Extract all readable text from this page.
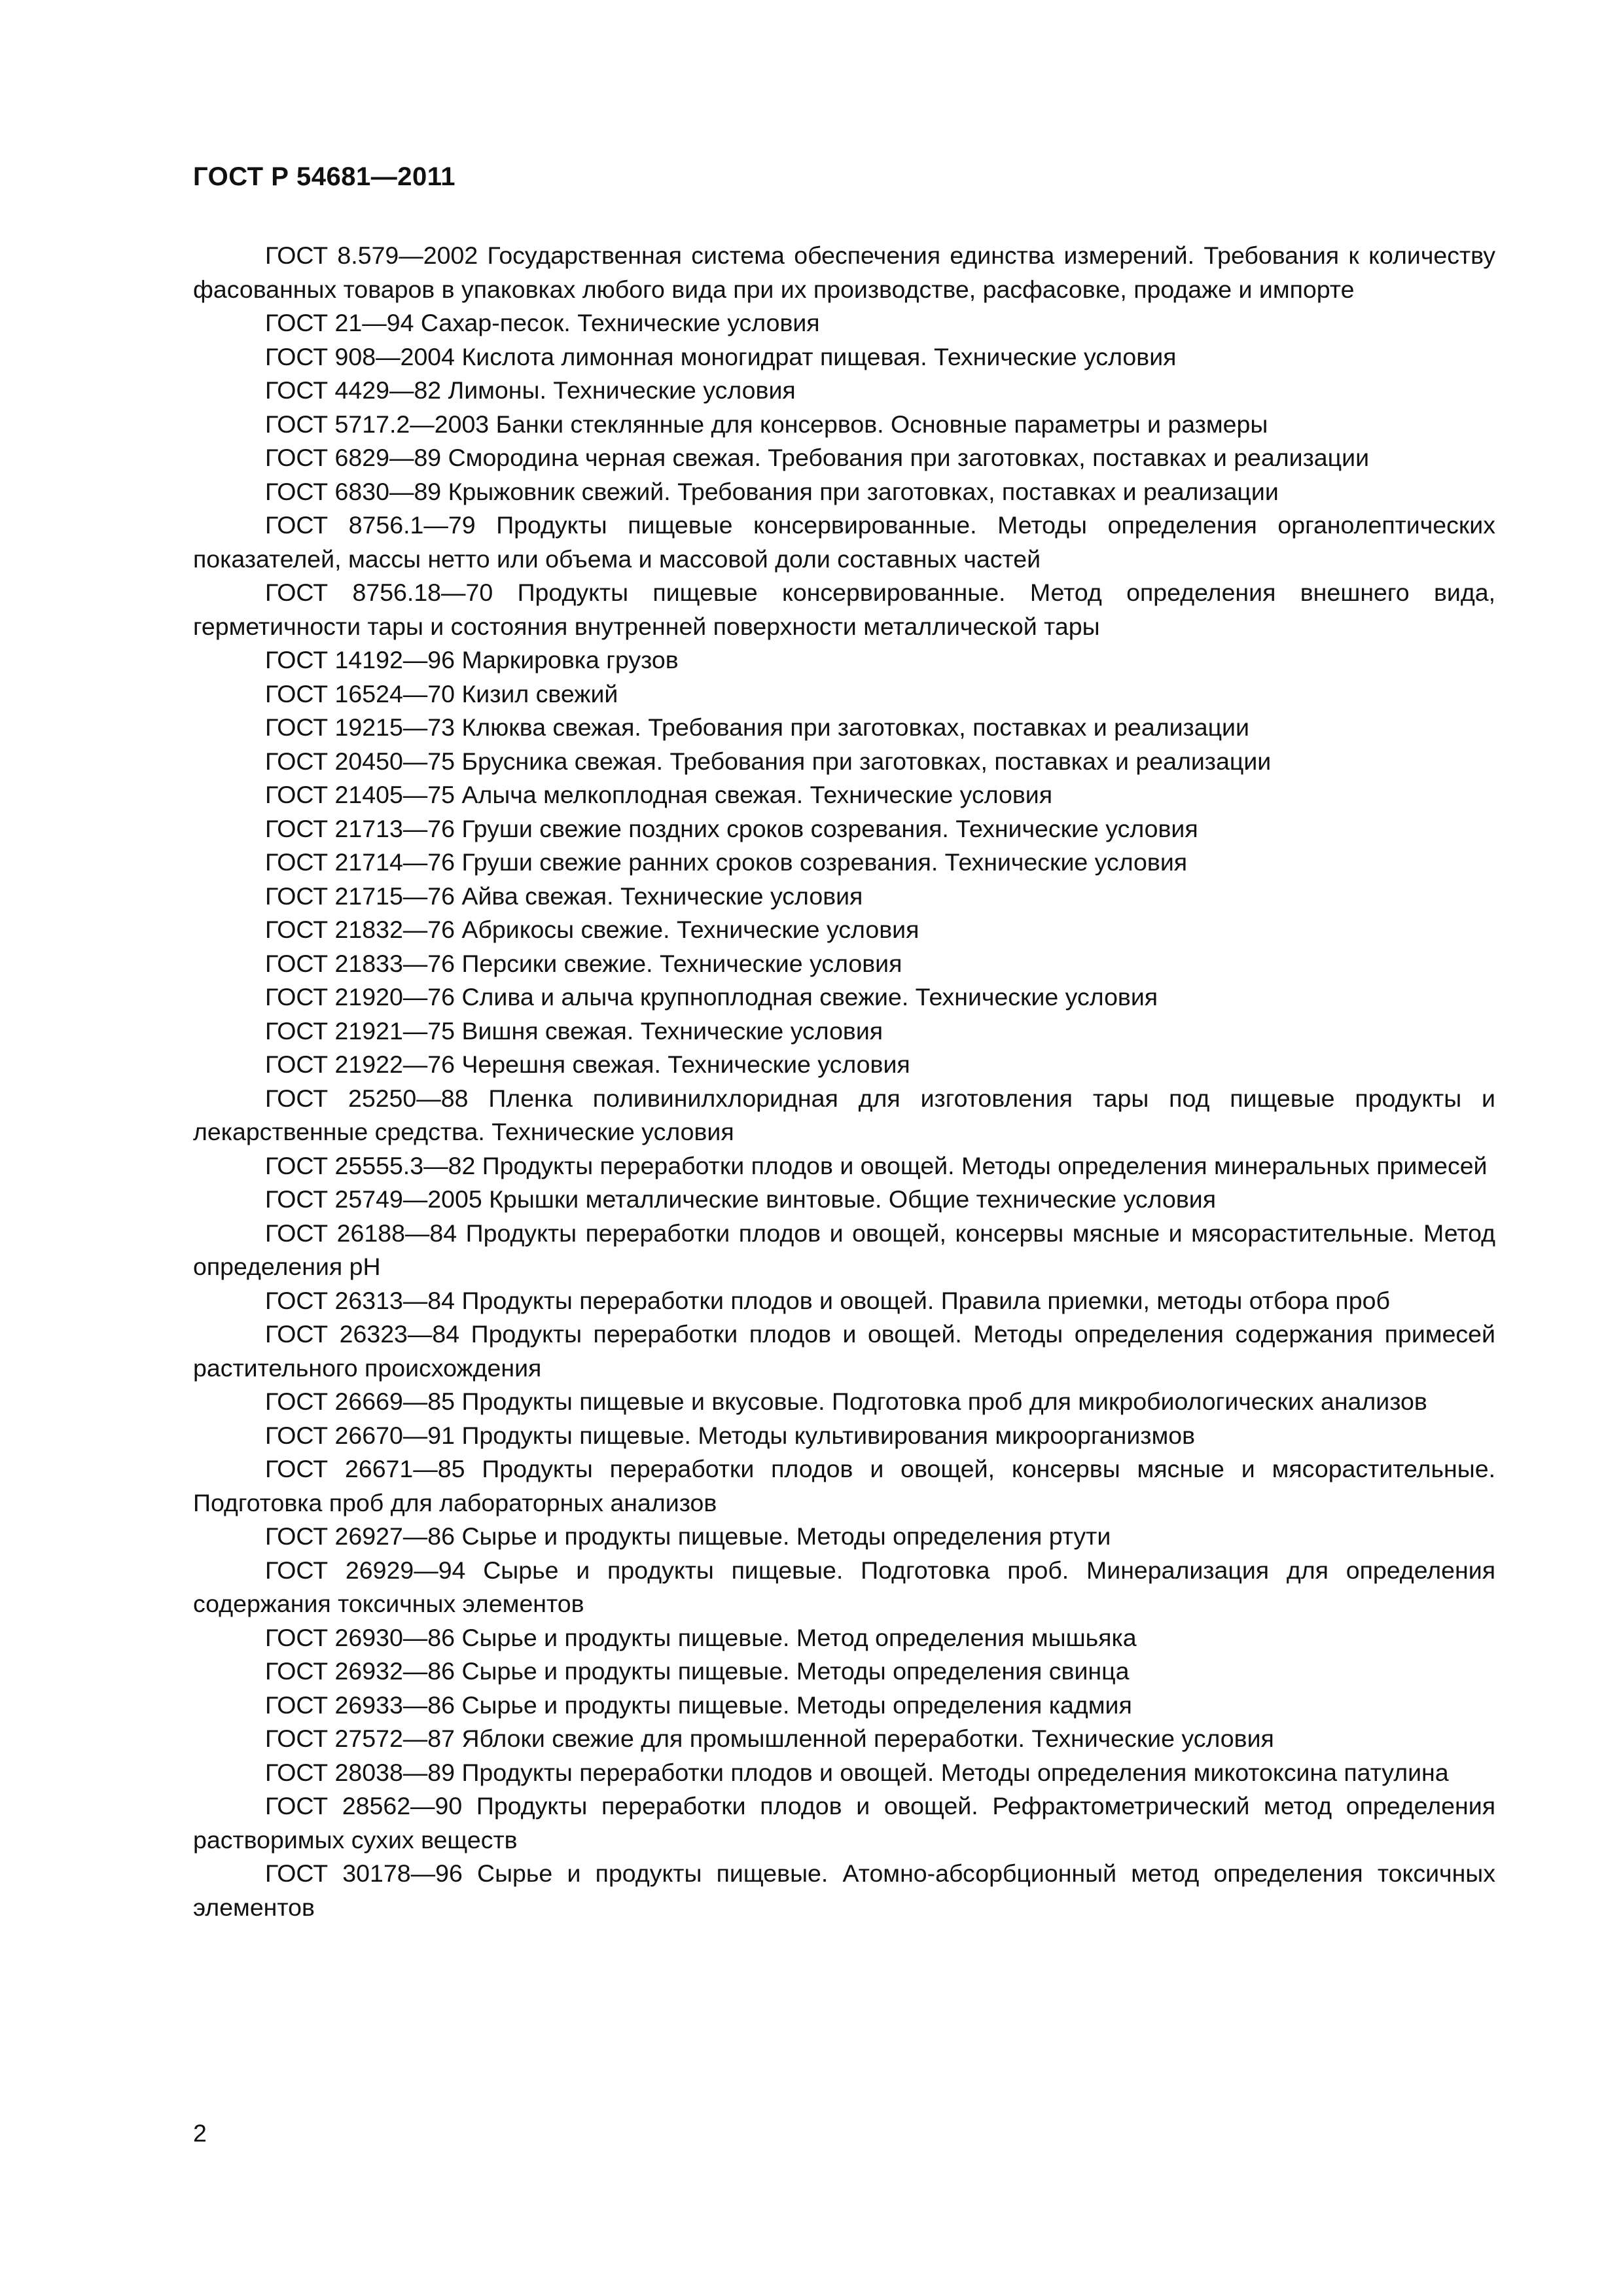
ГОСТ Р 54681—2011

ГОСТ 8.579—2002 Государственная система обеспечения единства измерений. Требования к количеству фасованных товаров в упаковках любого вида при их производстве, расфасовке, продаже и импорте

ГОСТ 21—94 Сахар-песок. Технические условия

ГОСТ 908—2004 Кислота лимонная моногидрат пищевая. Технические условия

ГОСТ 4429—82 Лимоны. Технические условия

ГОСТ 5717.2—2003 Банки стеклянные для консервов. Основные параметры и размеры

ГОСТ 6829—89 Смородина черная свежая. Требования при заготовках, поставках и реализации

ГОСТ 6830—89 Крыжовник свежий. Требования при заготовках, поставках и реализации

ГОСТ 8756.1—79 Продукты пищевые консервированные. Методы определения органолептических показателей, массы нетто или объема и массовой доли составных частей

ГОСТ 8756.18—70 Продукты пищевые консервированные. Метод определения внешнего вида, герметичности тары и состояния внутренней поверхности металлической тары

ГОСТ 14192—96 Маркировка грузов

ГОСТ 16524—70 Кизил свежий

ГОСТ 19215—73 Клюква свежая. Требования при заготовках, поставках и реализации

ГОСТ 20450—75 Брусника свежая. Требования при заготовках, поставках и реализации

ГОСТ 21405—75 Алыча мелкоплодная свежая. Технические условия

ГОСТ 21713—76 Груши свежие поздних сроков созревания. Технические условия

ГОСТ 21714—76 Груши свежие ранних сроков созревания. Технические условия

ГОСТ 21715—76 Айва свежая. Технические условия

ГОСТ 21832—76 Абрикосы свежие. Технические условия

ГОСТ 21833—76 Персики свежие. Технические условия

ГОСТ 21920—76 Слива и алыча крупноплодная свежие. Технические условия

ГОСТ 21921—75 Вишня свежая. Технические условия

ГОСТ 21922—76 Черешня свежая. Технические условия

ГОСТ 25250—88 Пленка поливинилхлоридная для изготовления тары под пищевые продукты и лекарственные средства. Технические условия

ГОСТ 25555.3—82 Продукты переработки плодов и овощей. Методы определения минеральных примесей

ГОСТ 25749—2005 Крышки металлические винтовые. Общие технические условия

ГОСТ 26188—84 Продукты переработки плодов и овощей, консервы мясные и мясорастительные. Метод определения рН

ГОСТ 26313—84 Продукты переработки плодов и овощей. Правила приемки, методы отбора проб

ГОСТ 26323—84 Продукты переработки плодов и овощей. Методы определения содержания примесей растительного происхождения

ГОСТ 26669—85 Продукты пищевые и вкусовые. Подготовка проб для микробиологических анализов

ГОСТ 26670—91 Продукты пищевые. Методы культивирования микроорганизмов

ГОСТ 26671—85 Продукты переработки плодов и овощей, консервы мясные и мясорастительные. Подготовка проб для лабораторных анализов

ГОСТ 26927—86 Сырье и продукты пищевые. Методы определения ртути

ГОСТ 26929—94 Сырье и продукты пищевые. Подготовка проб. Минерализация для определения содержания токсичных элементов

ГОСТ 26930—86 Сырье и продукты пищевые. Метод определения мышьяка

ГОСТ 26932—86 Сырье и продукты пищевые. Методы определения свинца

ГОСТ 26933—86 Сырье и продукты пищевые. Методы определения кадмия

ГОСТ 27572—87 Яблоки свежие для промышленной переработки. Технические условия

ГОСТ 28038—89 Продукты переработки плодов и овощей. Методы определения микотоксина патулина

ГОСТ 28562—90 Продукты переработки плодов и овощей. Рефрактометрический метод определения растворимых сухих веществ

ГОСТ 30178—96 Сырье и продукты пищевые. Атомно-абсорбционный метод определения токсичных элементов

2
